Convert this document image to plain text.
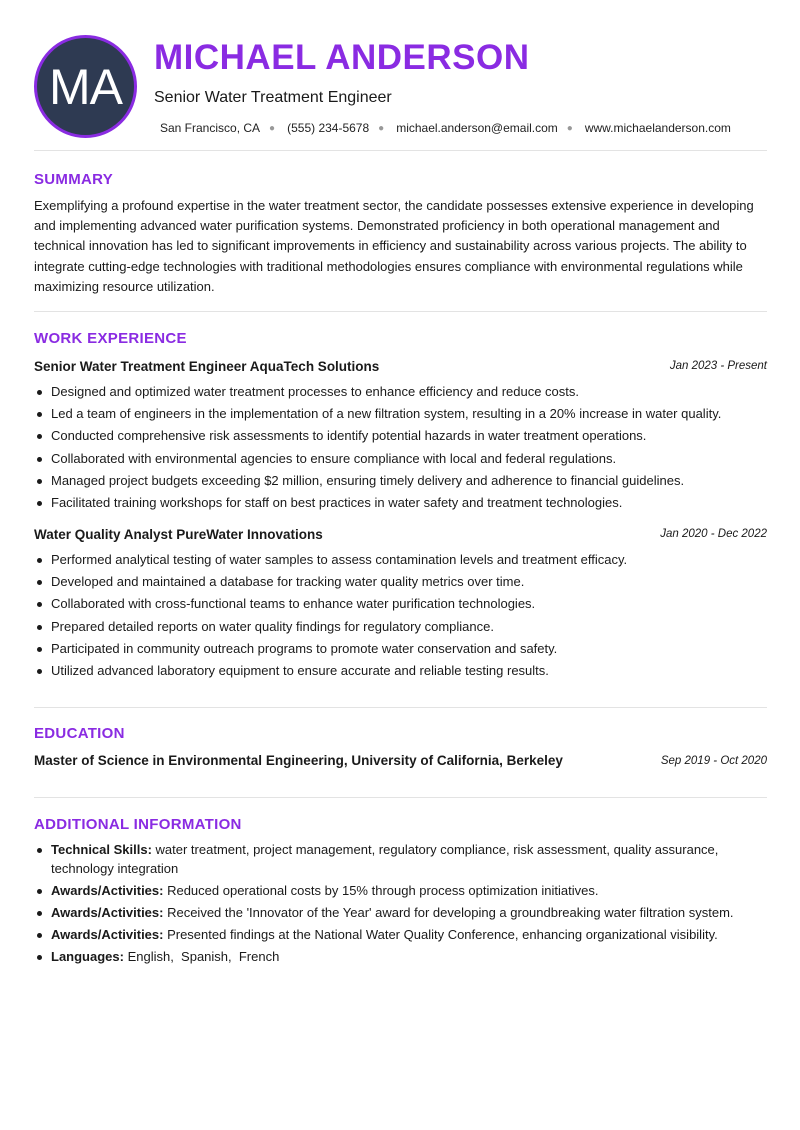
MA
MICHAEL ANDERSON
Senior Water Treatment Engineer
San Francisco, CA ● (555) 234-5678 ● michael.anderson@email.com ● www.michaelanderson.com
SUMMARY
Exemplifying a profound expertise in the water treatment sector, the candidate possesses extensive experience in developing and implementing advanced water purification systems. Demonstrated proficiency in both operational management and technical innovation has led to significant improvements in efficiency and sustainability across various projects. The ability to integrate cutting-edge technologies with traditional methodologies ensures compliance with environmental regulations while maximizing resource utilization.
WORK EXPERIENCE
Senior Water Treatment Engineer AquaTech Solutions	Jan 2023 - Present
Designed and optimized water treatment processes to enhance efficiency and reduce costs.
Led a team of engineers in the implementation of a new filtration system, resulting in a 20% increase in water quality.
Conducted comprehensive risk assessments to identify potential hazards in water treatment operations.
Collaborated with environmental agencies to ensure compliance with local and federal regulations.
Managed project budgets exceeding $2 million, ensuring timely delivery and adherence to financial guidelines.
Facilitated training workshops for staff on best practices in water safety and treatment technologies.
Water Quality Analyst PureWater Innovations	Jan 2020 - Dec 2022
Performed analytical testing of water samples to assess contamination levels and treatment efficacy.
Developed and maintained a database for tracking water quality metrics over time.
Collaborated with cross-functional teams to enhance water purification technologies.
Prepared detailed reports on water quality findings for regulatory compliance.
Participated in community outreach programs to promote water conservation and safety.
Utilized advanced laboratory equipment to ensure accurate and reliable testing results.
EDUCATION
Master of Science in Environmental Engineering, University of California, Berkeley	Sep 2019 - Oct 2020
ADDITIONAL INFORMATION
Technical Skills: water treatment, project management, regulatory compliance, risk assessment, quality assurance, technology integration
Awards/Activities: Reduced operational costs by 15% through process optimization initiatives.
Awards/Activities: Received the 'Innovator of the Year' award for developing a groundbreaking water filtration system.
Awards/Activities: Presented findings at the National Water Quality Conference, enhancing organizational visibility.
Languages: English,  Spanish,  French
